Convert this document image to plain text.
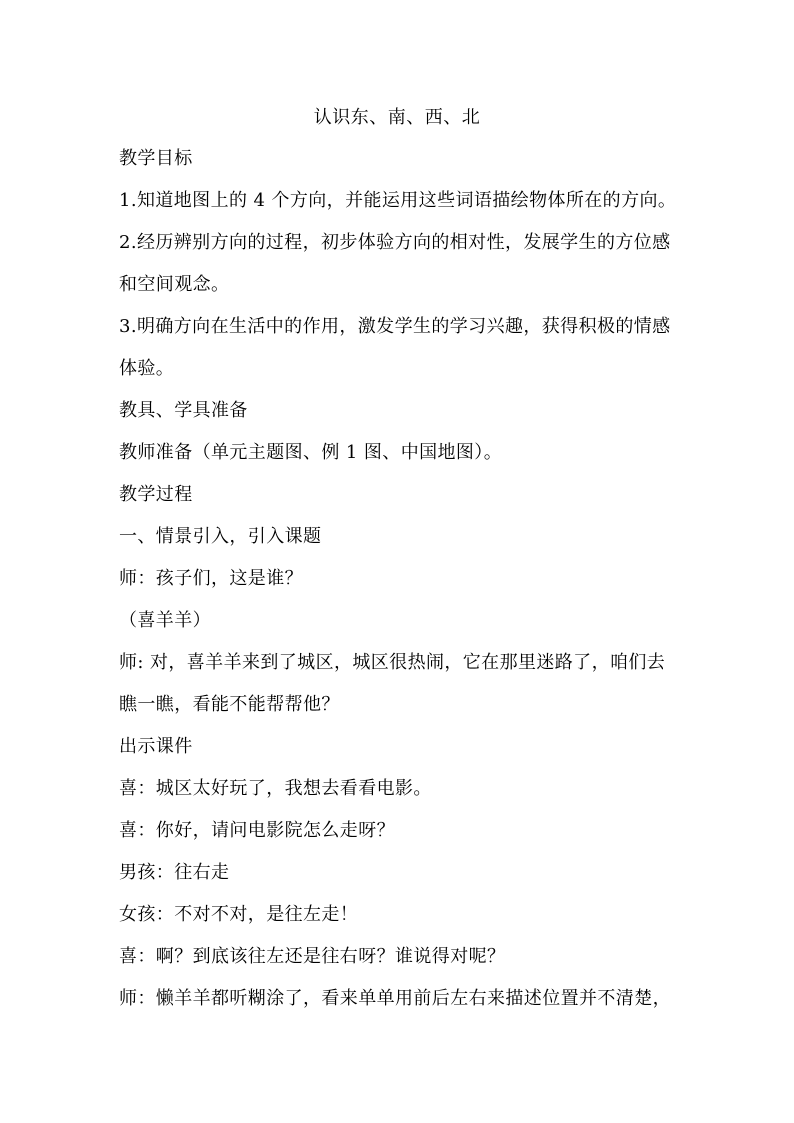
认识东、南、西、北
教学目标
1.知道地图上的 4 个方向，并能运用这些词语描绘物体所在的方向。
2.经历辨别方向的过程，初步体验方向的相对性，发展学生的方位感
和空间观念。
3.明确方向在生活中的作用，激发学生的学习兴趣，获得积极的情感
体验。
教具、学具准备
教师准备（单元主题图、例 1 图、中国地图）。
教学过程
一、情景引入，引入课题
师：孩子们，这是谁？
（喜羊羊）
师: 对，喜羊羊来到了城区，城区很热闹，它在那里迷路了，咱们去
瞧一瞧，看能不能帮帮他？
出示课件
喜：城区太好玩了，我想去看看电影。
喜：你好，请问电影院怎么走呀？
男孩：往右走
女孩：不对不对，是往左走！
喜：啊？到底该往左还是往右呀？谁说得对呢？
师：懒羊羊都听糊涂了，看来单单用前后左右来描述位置并不清楚，
